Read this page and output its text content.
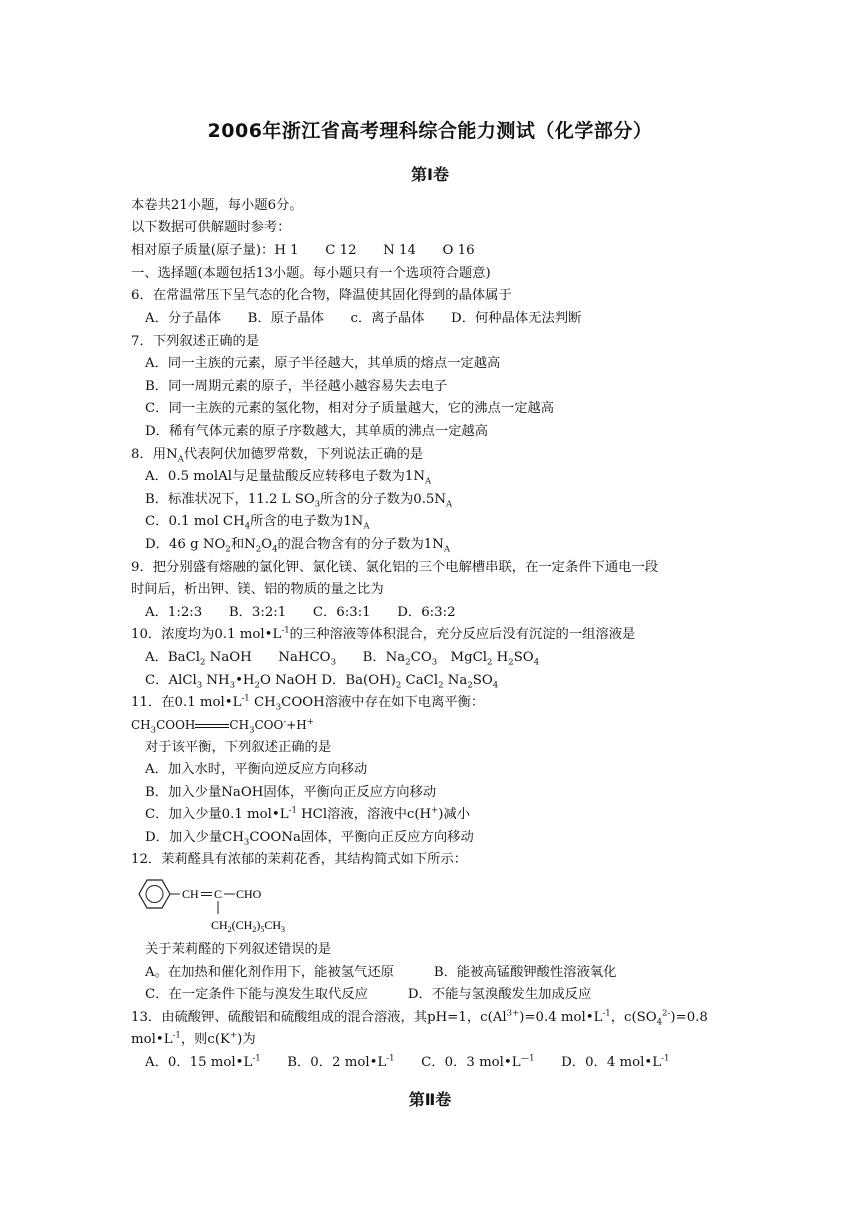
2006年浙江省高考理科综合能力测试（化学部分）
第Ⅰ卷
本卷共21小题，每小题6分。
以下数据可供解题时参考：
相对原子质量(原子量)：H 1　　C 12　　N 14　　O 16
一、选择题(本题包括13小题。每小题只有一个选项符合题意)
6．在常温常压下呈气态的化合物，降温使其固化得到的晶体属于
A．分子晶体　　B．原子晶体　　c．离子晶体　　D．何种晶体无法判断
7．下列叙述正确的是
A．同一主族的元素，原子半径越大，其单质的熔点一定越高
B．同一周期元素的原子，半径越小越容易失去电子
C．同一主族的元素的氢化物，相对分子质量越大，它的沸点一定越高
D．稀有气体元素的原子序数越大，其单质的沸点一定越高
8．用$N_A$代表阿伏加德罗常数，下列说法正确的是
A．0.5 molAl与足量盐酸反应转移电子数为$1N_A$
B．标准状况下，11.2 L $SO_3$所含的分子数为$0.5N_A$
C．0.1 mol $CH_4$所含的电子数为$1N_A$
D．46 g $NO_2$和$N_2O_4$的混合物含有的分子数为$1N_A$
9．把分别盛有熔融的氯化钾、氯化镁、氯化铝的三个电解槽串联，在一定条件下通电一段
时间后，析出钾、镁、铝的物质的量之比为
A．1:2:3　　B．3:2:1　　C．6:3:1　　D．6:3:2
10．浓度均为0.1 $mol•L^{-1}$的三种溶液等体积混合，充分反应后没有沉淀的一组溶液是
A．BaCl$_2$ NaOH　　NaHCO$_3$　　B．$Na_2CO_3$　MgCl$_2$ $H_2SO_4$
C．AlCl$_3$ $NH_3•H_2O$ NaOH D．$Ba(OH)_2$ CaCl$_2$ $Na_2SO_4$
11．在0.1 $mol•L^{-1}$ $CH_3COOH$溶液中存在如下电离平衡：
$CH_3COOH$	$CH_3COO^-+H^+$
对于该平衡，下列叙述正确的是
A．加入水时，平衡向逆反应方向移动
B．加入少量NaOH固体，平衡向正反应方向移动
C．加入少量0.1 $mol•L^{-1}$ HCl溶液，溶液中c(H+)减小
D．加入少量$CH_3COONa$固体，平衡向正反应方向移动
12．茉莉醛具有浓郁的茉莉花香，其结构简式如下所示：
CH C CHO
$CH_2(CH_2)_5CH_3$
关于茉莉醛的下列叙述错误的是
A。在加热和催化剂作用下，能被氢气还原　　　B．能被高锰酸钾酸性溶液氧化
C．在一定条件下能与溴发生取代反应　　　D．不能与氢溴酸发生加成反应
13．由硫酸钾、硫酸铝和硫酸组成的混合溶液，其pH=1，$c(Al^{3+})=0.4$ $mol•L^{-1}$，$c(SO_4^{2-})=0.8$
$mol•L^{-1}$，则c(K+)为
A．0．15 $mol•L^{-1}$　　B．0．2 $mol•L^{-1}$　　C．0．3 $mol•L^{—1}$　　D．0．4 $mol•L^{-1}$
第Ⅱ卷
